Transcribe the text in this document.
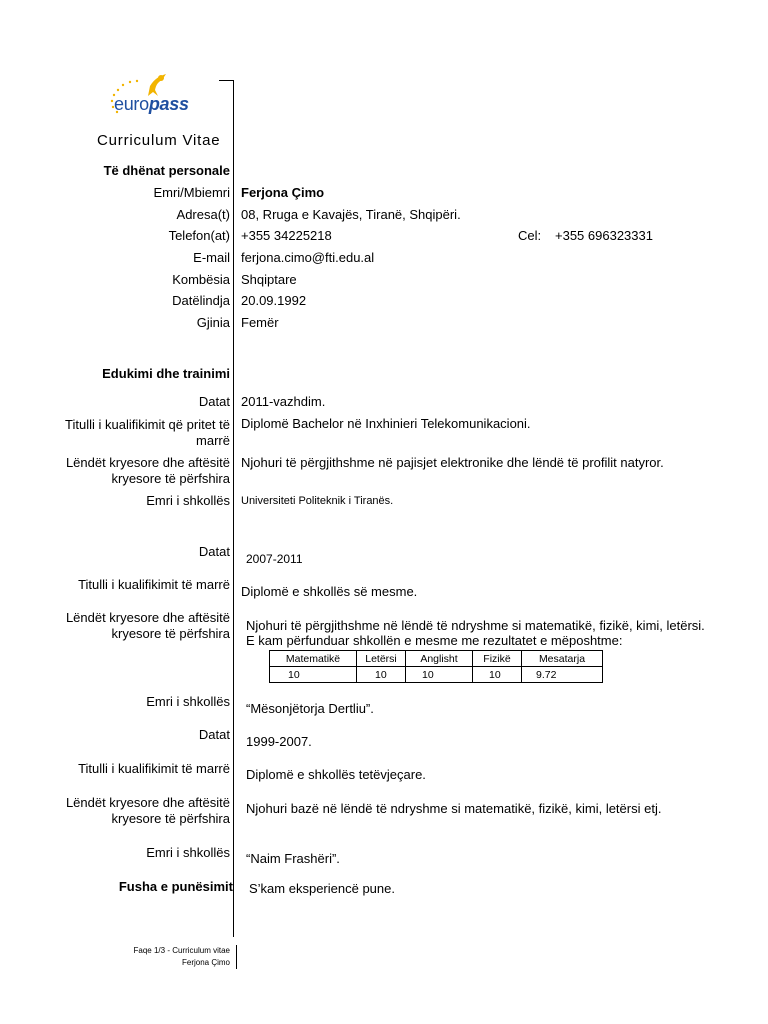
europass
Curriculum Vitae
Të dhënat personale
Emri/Mbiemri Ferjona Çimo
Adresa(t) 08, Rruga e Kavajës, Tiranë, Shqipëri.
Telefon(at) +355 34225218	Cel: +355 696323331
E-mail ferjona.cimo@fti.edu.al
Kombësia Shqiptare
Datëlindja 20.09.1992
Gjinia Femër
Edukimi dhe trainimi
Datat 2011-vazhdim.
Titulli i kualifikimit që pritet të
marrë
Diplomë Bachelor në Inxhinieri Telekomunikacioni.
Lëndët kryesore dhe aftësitë
kryesore të përfshira
Njohuri të përgjithshme në pajisjet elektronike dhe lëndë të profilit natyror.
Emri i shkollës Universiteti Politeknik i Tiranës.
Datat 2007-2011
Titulli i kualifikimit të marrë Diplomë e shkollës së mesme.
Lëndët kryesore dhe aftësitë
kryesore të përfshira
Njohuri të përgjithshme në lëndë të ndryshme si matematikë, fizikë, kimi, letërsi.
E kam përfunduar shkollën e mesme me rezultatet e mëposhtme:
Matematikë	Letërsi	Anglisht	Fizikë	Mesatarja
10	10	10	10	9.72
Emri i shkollës “Mësonjëtorja Dertliu”.
Datat 1999-2007.
Titulli i kualifikimit të marrë Diplomë e shkollës tetëvjeçare.
Lëndët kryesore dhe aftësitë
kryesore të përfshira
Njohuri bazë në lëndë të ndryshme si matematikë, fizikë, kimi, letërsi etj.
Emri i shkollës “Naim Frashëri”.
Fusha e punësimit S’kam eksperiencë pune.
Faqe 1/3 - Curriculum vitae
Ferjona Çimo
